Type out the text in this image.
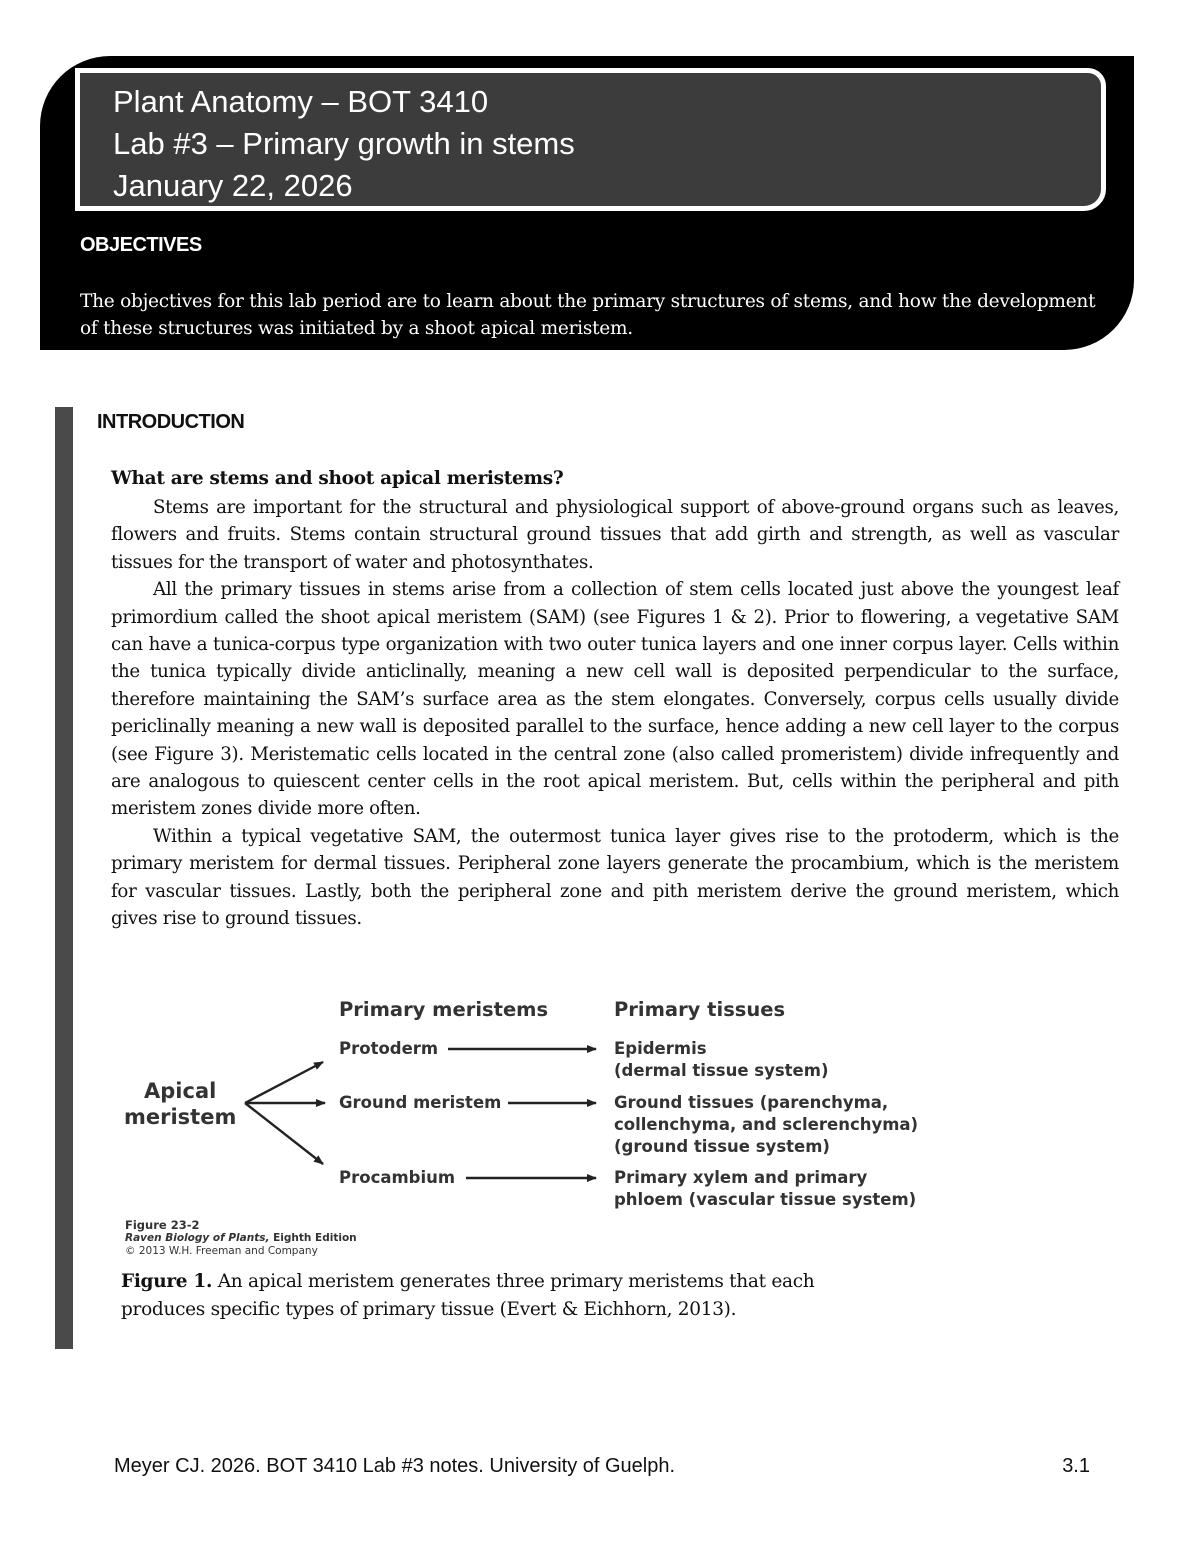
Plant Anatomy – BOT 3410
Lab #3 – Primary growth in stems
January 22, 2026
OBJECTIVES
The objectives for this lab period are to learn about the primary structures of stems, and how the development of these structures was initiated by a shoot apical meristem.
INTRODUCTION
What are stems and shoot apical meristems?

Stems are important for the structural and physiological support of above-ground organs such as leaves, flowers and fruits. Stems contain structural ground tissues that add girth and strength, as well as vascular tissues for the transport of water and photosynthates.

All the primary tissues in stems arise from a collection of stem cells located just above the youngest leaf primordium called the shoot apical meristem (SAM) (see Figures 1 & 2). Prior to flowering, a vegetative SAM can have a tunica-corpus type organization with two outer tunica layers and one inner corpus layer. Cells within the tunica typically divide anticlinally, meaning a new cell wall is deposited perpendicular to the surface, therefore maintaining the SAM’s surface area as the stem elongates. Conversely, corpus cells usually divide periclinally meaning a new wall is deposited parallel to the surface, hence adding a new cell layer to the corpus (see Figure 3). Meristematic cells located in the central zone (also called promeristem) divide infrequently and are analogous to quiescent center cells in the root apical meristem. But, cells within the peripheral and pith meristem zones divide more often.

Within a typical vegetative SAM, the outermost tunica layer gives rise to the protoderm, which is the primary meristem for dermal tissues. Peripheral zone layers generate the procambium, which is the meristem for vascular tissues. Lastly, both the peripheral zone and pith meristem derive the ground meristem, which gives rise to ground tissues.

Primary meristems	Primary tissues
Apical
meristem
Protoderm
Ground meristem
Procambium
Epidermis
(dermal tissue system)
Ground tissues (parenchyma,
collenchyma, and sclerenchyma)
(ground tissue system)
Primary xylem and primary
phloem (vascular tissue system)
Figure 23-2
Raven Biology of Plants, Eighth Edition
© 2013 W.H. Freeman and Company
Figure 1. An apical meristem generates three primary meristems that each produces specific types of primary tissue (Evert & Eichhorn, 2013).
Meyer CJ. 2026. BOT 3410 Lab #3 notes. University of Guelph.	3.1
